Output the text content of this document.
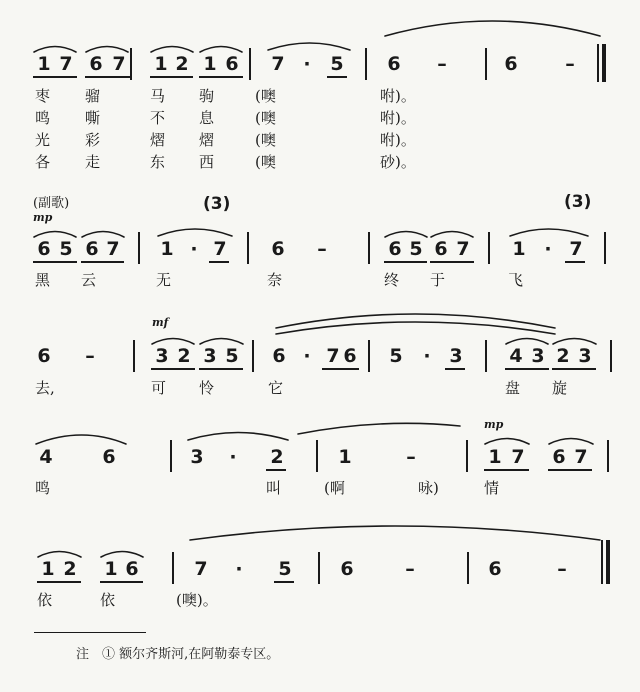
1 7 6 7 1 2 1 6 7 ·	5 6	–	6	–
枣 骝	马 驹	(噢	咐)。
鸣 嘶	不 息	(噢	咐)。
光 彩	熠 熠	(噢	咐)。
各 走	东 西	(噢	砂)。
(副歌)
mp
(3)	(3)
6 5 6 7 1 · 7 6	–	6 5 6 7 1 · 7
黑 云	无	奈	终 于	飞
mf
6	–	3 2 3 5 6 · 7 6 5	· 3 4 3 2 3
去,	可 怜	它	盘 旋
mp
4	6	3	·	2	1	–	1 7 6 7
鸣	叫	(啊	咏)	情
1 2 1 6	7	·	5	6	–	6	–
依	依	(噢)。
注　① 额尔齐斯河,在阿勒泰专区。
